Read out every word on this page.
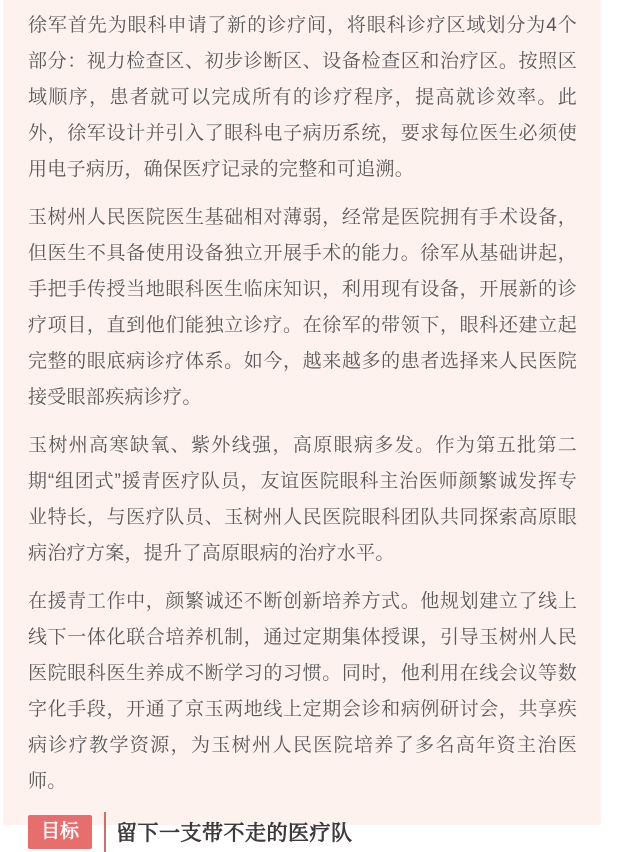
徐军首先为眼科申请了新的诊疗间，将眼科诊疗区域划分为4个部分：视力检查区、初步诊断区、设备检查区和治疗区。按照区域顺序，患者就可以完成所有的诊疗程序，提高就诊效率。此外，徐军设计并引入了眼科电子病历系统，要求每位医生必须使用电子病历，确保医疗记录的完整和可追溯。

玉树州人民医院医生基础相对薄弱，经常是医院拥有手术设备，但医生不具备使用设备独立开展手术的能力。徐军从基础讲起，手把手传授当地眼科医生临床知识，利用现有设备，开展新的诊疗项目，直到他们能独立诊疗。在徐军的带领下，眼科还建立起完整的眼底病诊疗体系。如今，越来越多的患者选择来人民医院接受眼部疾病诊疗。

玉树州高寒缺氧、紫外线强，高原眼病多发。作为第五批第二期“组团式”援青医疗队员，友谊医院眼科主治医师颜繁诚发挥专业特长，与医疗队员、玉树州人民医院眼科团队共同探索高原眼病治疗方案，提升了高原眼病的治疗水平。

在援青工作中，颜繁诚还不断创新培养方式。他规划建立了线上线下一体化联合培养机制，通过定期集体授课，引导玉树州人民医院眼科医生养成不断学习的习惯。同时，他利用在线会议等数字化手段，开通了京玉两地线上定期会诊和病例研讨会，共享疾病诊疗教学资源，为玉树州人民医院培养了多名高年资主治医师。

目标	留下一支带不走的医疗队
